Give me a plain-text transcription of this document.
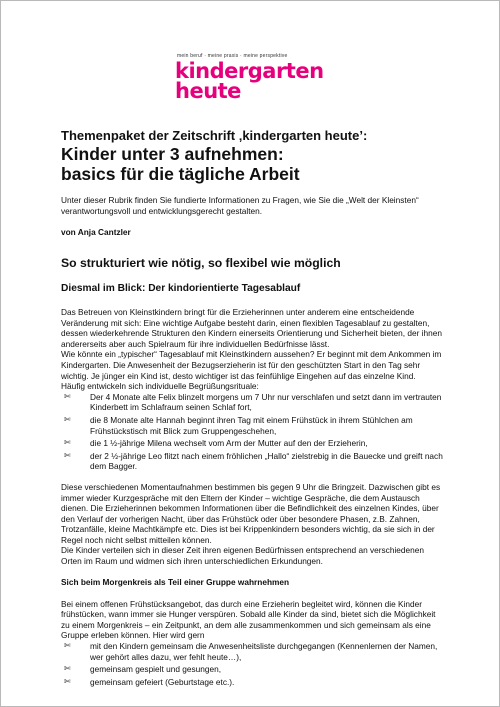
mein beruf · meine praxis · meine perspektive
kindergarten
heute

Themenpaket der Zeitschrift ‚kindergarten heute’:

Kinder unter 3 aufnehmen:

basics für die tägliche Arbeit

Unter dieser Rubrik finden Sie fundierte Informationen zu Fragen, wie Sie die „Welt der Kleinsten“ verantwortungsvoll und entwicklungsgerecht gestalten.
von Anja Cantzler
So strukturiert wie nötig, so flexibel wie möglich
Diesmal im Blick: Der kindorientierte Tagesablauf
Das Betreuen von Kleinstkindern bringt für die Erzieherinnen unter anderem eine entscheidende Veränderung mit sich: Eine wichtige Aufgabe besteht darin, einen flexiblen Tagesablauf zu gestalten, dessen wiederkehrende Strukturen den Kindern einerseits Orientierung und Sicherheit bieten, der ihnen andererseits aber auch Spielraum für ihre individuellen Bedürfnisse lässt.
Wie könnte ein „typischer“ Tagesablauf mit Kleinstkindern aussehen? Er beginnt mit dem Ankommen im Kindergarten. Die Anwesenheit der Bezugserzieherin ist für den geschützten Start in den Tag sehr wichtig. Je jünger ein Kind ist, desto wichtiger ist das feinfühlige Eingehen auf das einzelne Kind.
Häufig entwickeln sich individuelle Begrüßungsrituale:
✄ Der 4 Monate alte Felix blinzelt morgens um 7 Uhr nur verschlafen und setzt dann im vertrauten Kinderbett im Schlafraum seinen Schlaf fort,
✄ die 8 Monate alte Hannah beginnt ihren Tag mit einem Frühstück in ihrem Stühlchen am Frühstückstisch mit Blick zum Gruppengeschehen,
✄ die 1 ½-jährige Milena wechselt vom Arm der Mutter auf den der Erzieherin,
✄ der 2 ½-jährige Leo flitzt nach einem fröhlichen „Hallo“ zielstrebig in die Bauecke und greift nach dem Bagger.
Diese verschiedenen Momentaufnahmen bestimmen bis gegen 9 Uhr die Bringzeit. Dazwischen gibt es immer wieder Kurzgespräche mit den Eltern der Kinder – wichtige Gespräche, die dem Austausch dienen. Die Erzieherinnen bekommen Informationen über die Befindlichkeit des einzelnen Kindes, über den Verlauf der vorherigen Nacht, über das Frühstück oder über besondere Phasen, z.B. Zahnen, Trotzanfälle, kleine Machtkämpfe etc. Dies ist bei Krippenkindern besonders wichtig, da sie sich in der Regel noch nicht selbst mitteilen können.
Die Kinder verteilen sich in dieser Zeit ihren eigenen Bedürfnissen entsprechend an verschiedenen Orten im Raum und widmen sich ihren unterschiedlichen Erkundungen.
Sich beim Morgenkreis als Teil einer Gruppe wahrnehmen
Bei einem offenen Frühstücksangebot, das durch eine Erzieherin begleitet wird, können die Kinder frühstücken, wann immer sie Hunger verspüren. Sobald alle Kinder da sind, bietet sich die Möglichkeit zu einem Morgenkreis – ein Zeitpunkt, an dem alle zusammenkommen und sich gemeinsam als eine Gruppe erleben können. Hier wird gern
✄ mit den Kindern gemeinsam die Anwesenheitsliste durchgegangen (Kennenlernen der Namen, wer gehört alles dazu, wer fehlt heute…),
✄ gemeinsam gespielt und gesungen,
✄ gemeinsam gefeiert (Geburtstage etc.).
